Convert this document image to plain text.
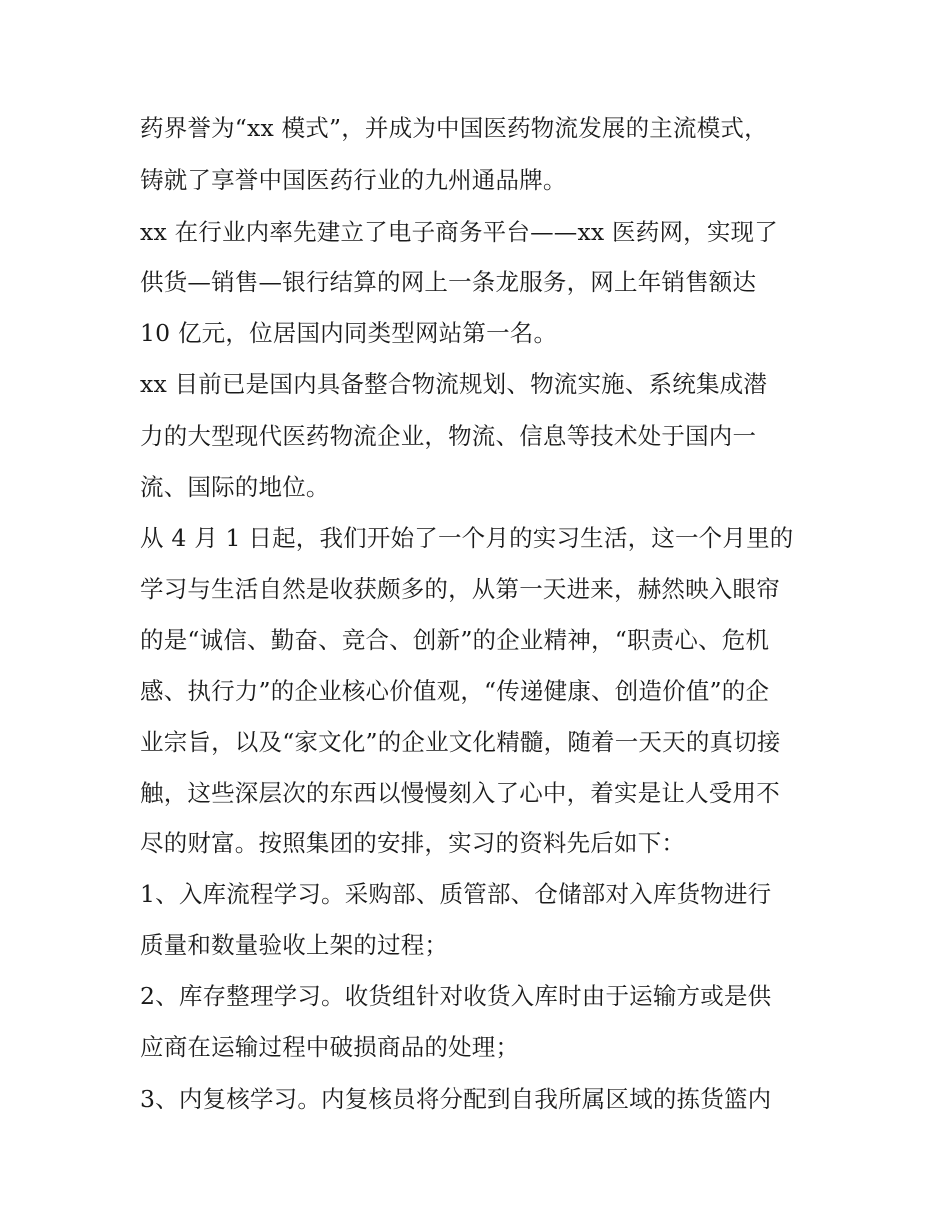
药界誉为“xx 模式”，并成为中国医药物流发展的主流模式，
铸就了享誉中国医药行业的九州通品牌。
xx 在行业内率先建立了电子商务平台——xx 医药网，实现了
供货—销售—银行结算的网上一条龙服务，网上年销售额达
10 亿元，位居国内同类型网站第一名。
xx 目前已是国内具备整合物流规划、物流实施、系统集成潜
力的大型现代医药物流企业，物流、信息等技术处于国内一
流、国际的地位。
从 4 月 1 日起，我们开始了一个月的实习生活，这一个月里的
学习与生活自然是收获颇多的，从第一天进来，赫然映入眼帘
的是“诚信、勤奋、竞合、创新”的企业精神，“职责心、危机
感、执行力”的企业核心价值观，“传递健康、创造价值”的企
业宗旨，以及“家文化”的企业文化精髓，随着一天天的真切接
触，这些深层次的东西以慢慢刻入了心中，着实是让人受用不
尽的财富。按照集团的安排，实习的资料先后如下：
1、入库流程学习。采购部、质管部、仓储部对入库货物进行
质量和数量验收上架的过程；
2、库存整理学习。收货组针对收货入库时由于运输方或是供
应商在运输过程中破损商品的处理；
3、内复核学习。内复核员将分配到自我所属区域的拣货篮内
